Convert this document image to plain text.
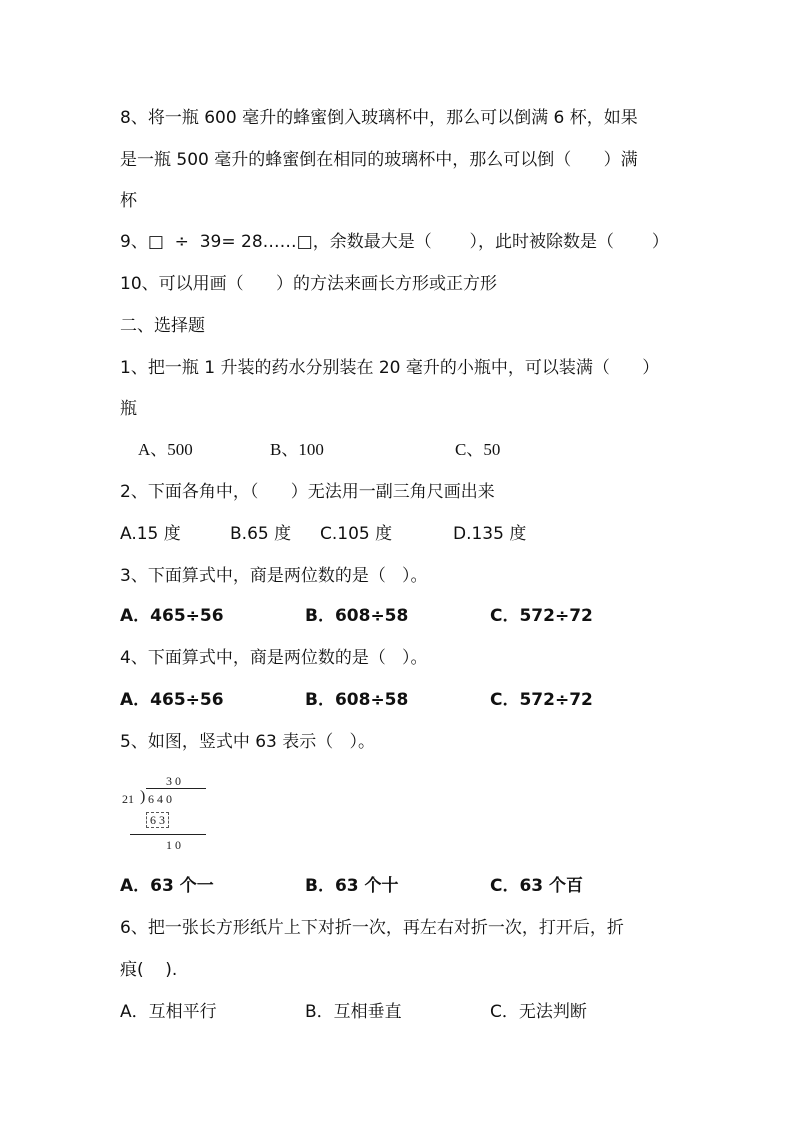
8、将一瓶 600 毫升的蜂蜜倒入玻璃杯中，那么可以倒满 6 杯，如果
是一瓶 500 毫升的蜂蜜倒在相同的玻璃杯中，那么可以倒（      ）满
杯
9、□  ÷  39= 28……□，余数最大是（       ），此时被除数是（       ）
10、可以用画（      ）的方法来画长方形或正方形
二、选择题
1、把一瓶 1 升装的药水分别装在 20 毫升的小瓶中，可以装满（      ）
瓶
A、500	B、100	C、50
2、下面各角中，（      ）无法用一副三角尺画出来
A.15 度	B.65 度 C.105 度	D.135 度
3、下面算式中，商是两位数的是（   ）。
A．465÷56	B．608÷58	C．572÷72
4、下面算式中，商是两位数的是（   ）。
A．465÷56	B．608÷58	C．572÷72
5、如图，竖式中 63 表示（   ）。
3 0
21 ) 6 4 0
6 3
1 0
A．63 个一	B．63 个十	C．63 个百
6、把一张长方形纸片上下对折一次，再左右对折一次，打开后，折
痕(    ).
A．互相平行	B．互相垂直	C．无法判断
